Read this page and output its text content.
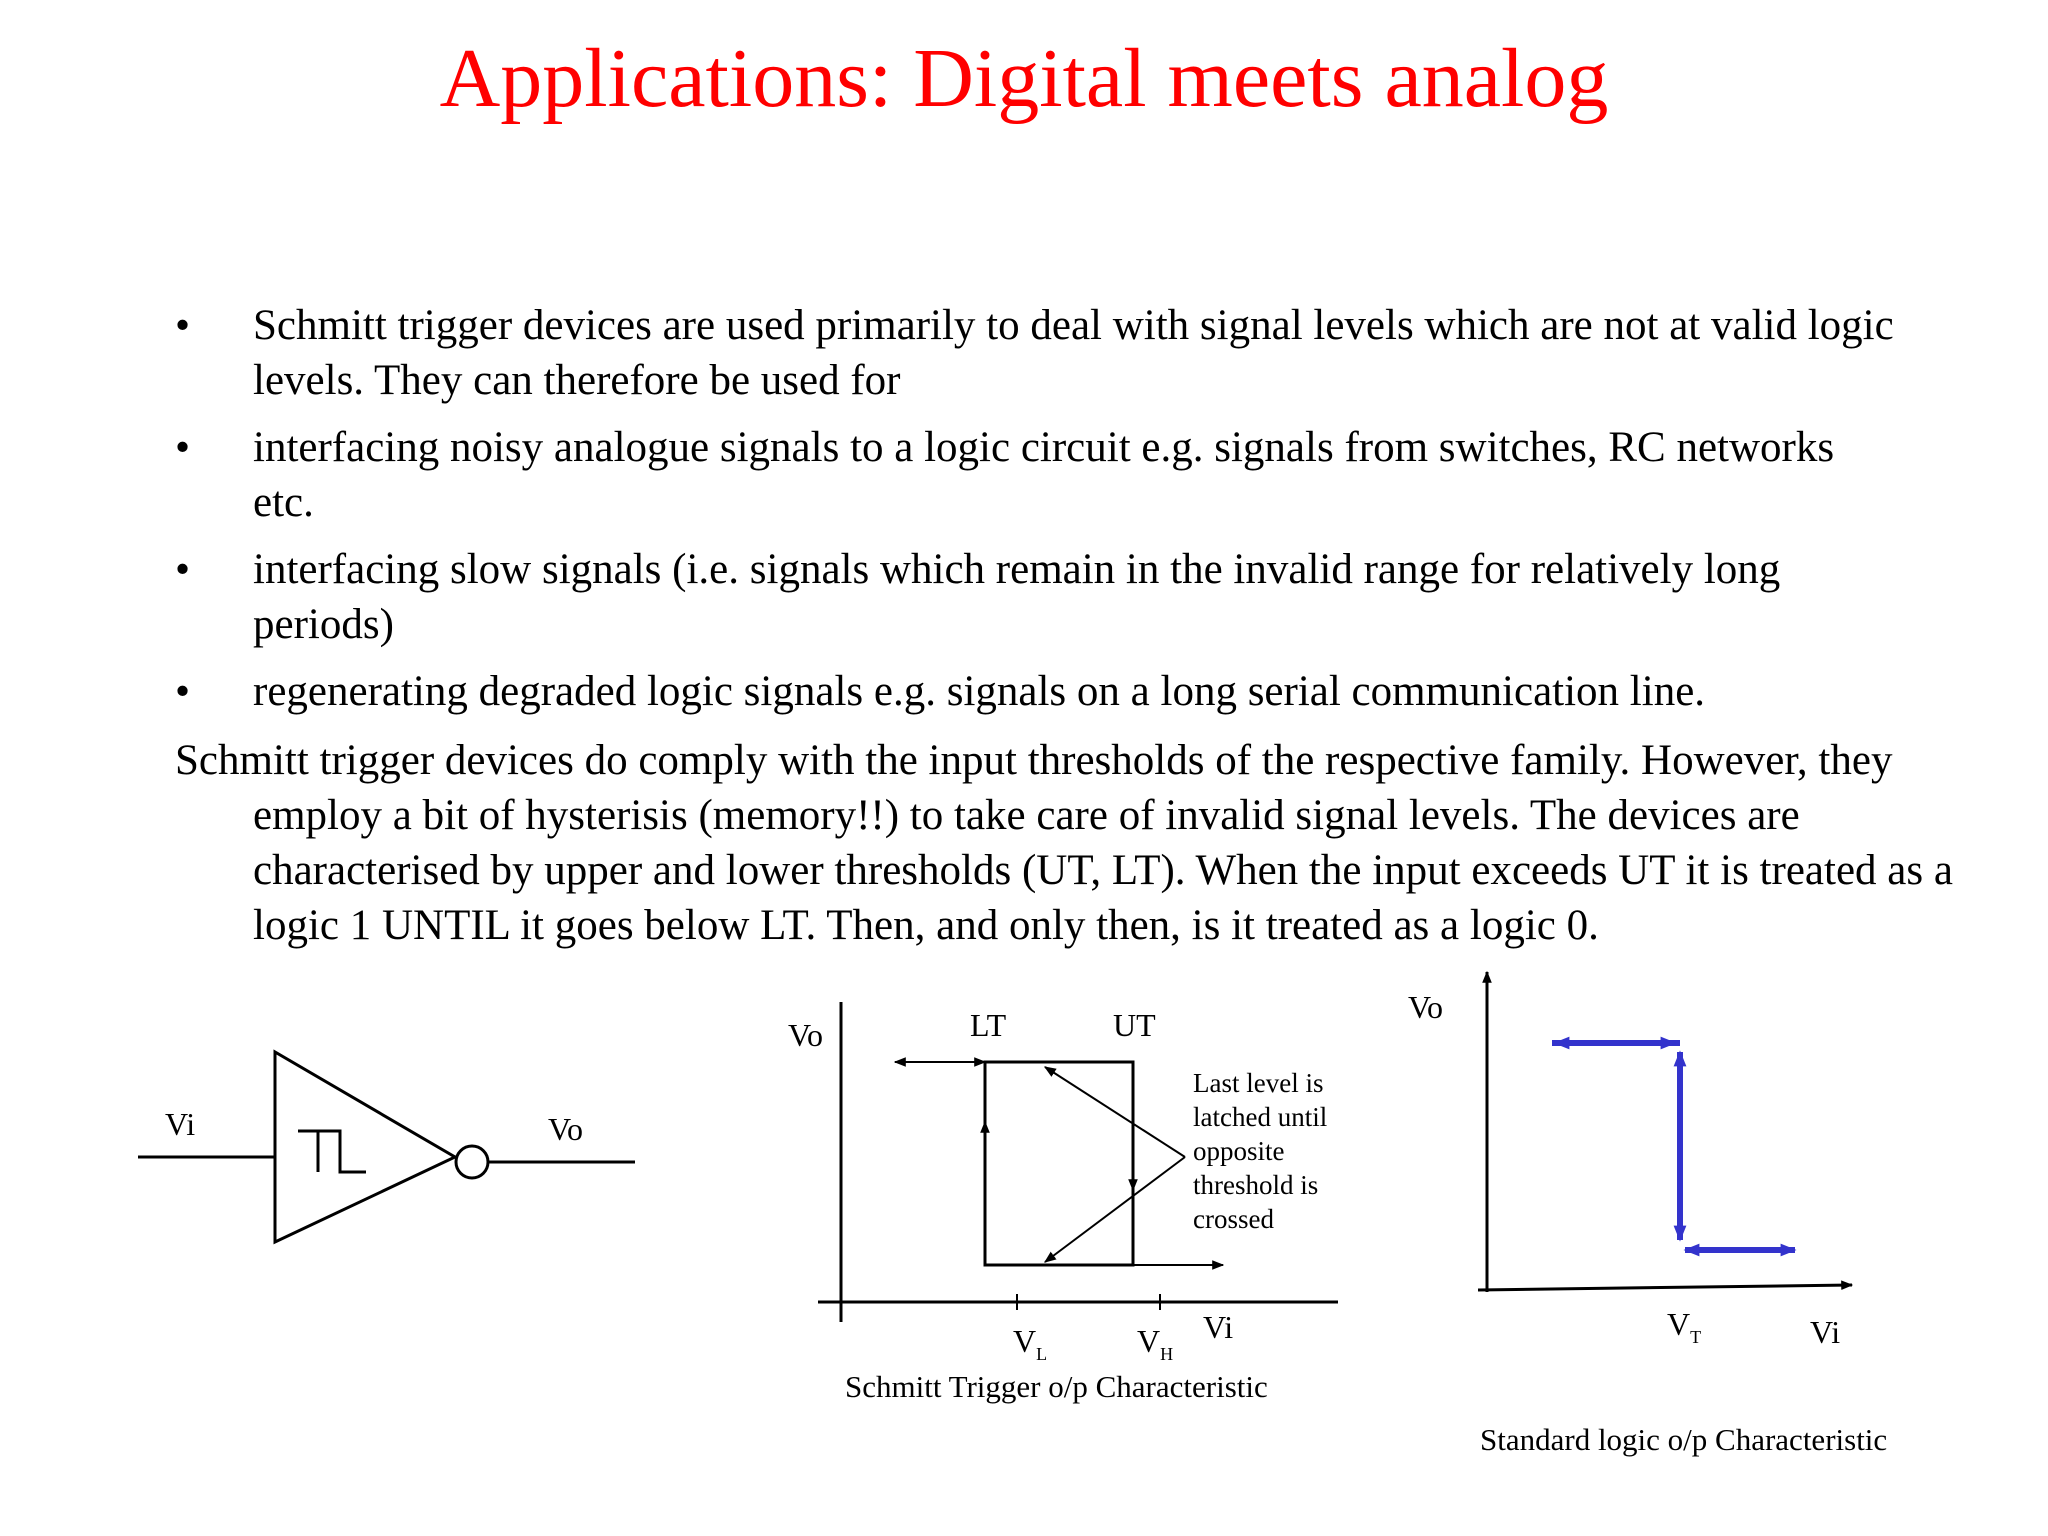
Applications: Digital meets analog
• Schmitt trigger devices are used primarily to deal with signal levels which are not at valid logic levels. They can therefore be used for
• interfacing noisy analogue signals to a logic circuit e.g. signals from switches, RC networks etc.
• interfacing slow signals (i.e. signals which remain in the invalid range for relatively long periods)
• regenerating degraded logic signals e.g. signals on a long serial communication line.

Schmitt trigger devices do comply with the input thresholds of the respective family. However, they employ a bit of hysterisis (memory!!) to take care of invalid signal levels. The devices are characterised by upper and lower thresholds (UT, LT). When the input exceeds UT it is treated as a logic 1 UNTIL it goes below LT. Then, and only then, is it treated as a logic 0.

Vi	Vo
Vo	LT	UT
Vi
$V_L$	$V_H$
Last level is latched until opposite threshold is crossed
Schmitt Trigger o/p Characteristic
Vo
Vi
$V_T$
Standard logic o/p Characteristic
